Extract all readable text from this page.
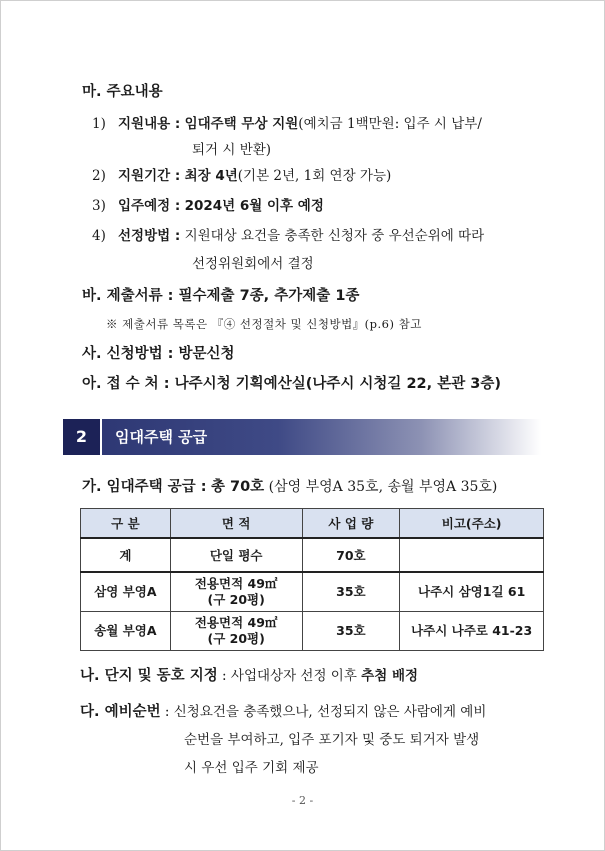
마. 주요내용
1) 지원내용 : 임대주택 무상 지원(예치금 1백만원: 입주 시 납부/
퇴거 시 반환)
2) 지원기간 : 최장 4년(기본 2년, 1회 연장 가능)
3) 입주예정 : 2024년 6월 이후 예정
4) 선정방법 : 지원대상 요건을 충족한 신청자 중 우선순위에 따라
선정위원회에서 결정
바. 제출서류 : 필수제출 7종, 추가제출 1종
※ 제출서류 목록은 『④ 선정절차 및 신청방법』(p.6) 참고
사. 신청방법 : 방문신청
아. 접 수 처 : 나주시청 기획예산실(나주시 시청길 22, 본관 3층)
2	임대주택 공급
가. 임대주택 공급 : 총 70호 (삼영 부영A 35호, 송월 부영A 35호)
구 분	면 적	사 업 량	비고(주소)
계	단일 평수	70호	
삼영 부영A	전용면적 49㎡
(구 20평)	35호	나주시 삼영1길 61
송월 부영A	전용면적 49㎡
(구 20평)	35호	나주시 나주로 41-23
나. 단지 및 동호 지정 : 사업대상자 선정 이후 추첨 배정
다. 예비순번 : 신청요건을 충족했으나, 선정되지 않은 사람에게 예비
순번을 부여하고, 입주 포기자 및 중도 퇴거자 발생
시 우선 입주 기회 제공
- 2 -
